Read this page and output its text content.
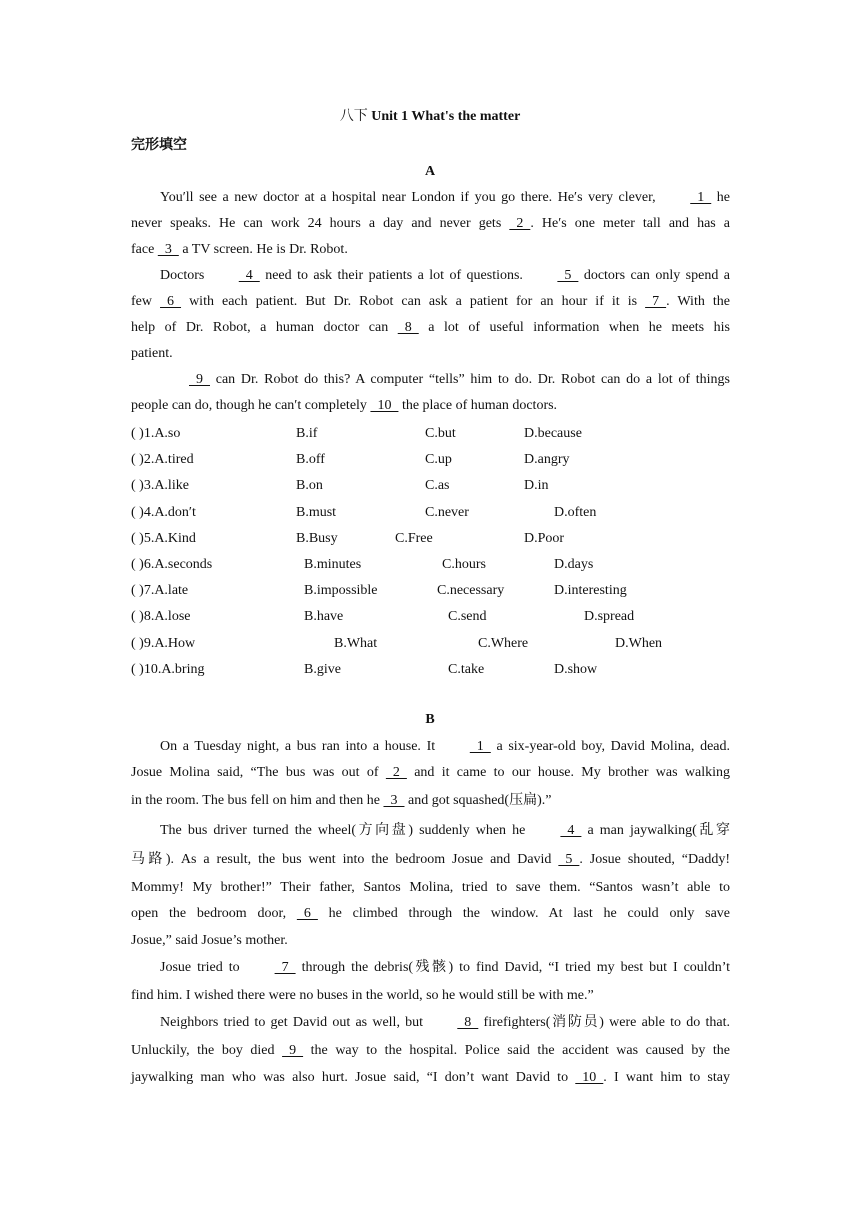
八下 Unit 1 What's the matter
完形填空
A
You′ll see a new doctor at a hospital near London if you go there. He′s very clever,   1   he
never speaks. He can work 24 hours a day and never gets   2  . He′s one meter tall and has a
face   3   a TV screen. He is Dr. Robot.
Doctors   4   need to ask their patients a lot of questions.   5   doctors can only spend a
few   6   with each patient. But Dr. Robot can ask a patient for an hour if it is   7  . With the
help of Dr. Robot, a human doctor can   8   a lot of useful information when he meets his
patient.
9   can Dr. Robot do this? A computer “tells” him to do. Dr. Robot can do a lot of things
people can do, though he can′t completely   10   the place of human doctors.
( )1.A.so	B.if	C.but	D.because
( )2.A.tired	B.off	C.up	D.angry
( )3.A.like	B.on	C.as	D.in
( )4.A.don′t	B.must	C.never	D.often
( )5.A.Kind	B.Busy	C.Free	D.Poor
( )6.A.seconds	B.minutes	C.hours	D.days
( )7.A.late	B.impossible	C.necessary	D.interesting
( )8.A.lose	B.have	C.send	D.spread
( )9.A.How	B.What	C.Where	D.When
( )10.A.bring	B.give	C.take	D.show
B
On a Tuesday night, a bus ran into a house. It   1   a six-year-old boy, David Molina, dead.
Josue Molina said, “The bus was out of   2   and it came to our house. My brother was walking
in the room. The bus fell on him and then he   3   and got squashed(压扁).”
The bus driver turned the wheel(方向盘) suddenly when he   4   a man jaywalking(乱穿
马路). As a result, the bus went into the bedroom Josue and David   5  . Josue shouted, “Daddy!
Mommy! My brother!” Their father, Santos Molina, tried to save them. “Santos wasn’t able to
open the bedroom door,   6   he climbed through the window. At last he could only save
Josue,” said Josue’s mother.
Josue tried to   7   through the debris(残骸) to find David, “I tried my best but I couldn’t
find him. I wished there were no buses in the world, so he would still be with me.”
Neighbors tried to get David out as well, but   8   firefighters(消防员) were able to do that.
Unluckily, the boy died   9   the way to the hospital. Police said the accident was caused by the
jaywalking man who was also hurt. Josue said, “I don’t want David to   10  . I want him to stay
